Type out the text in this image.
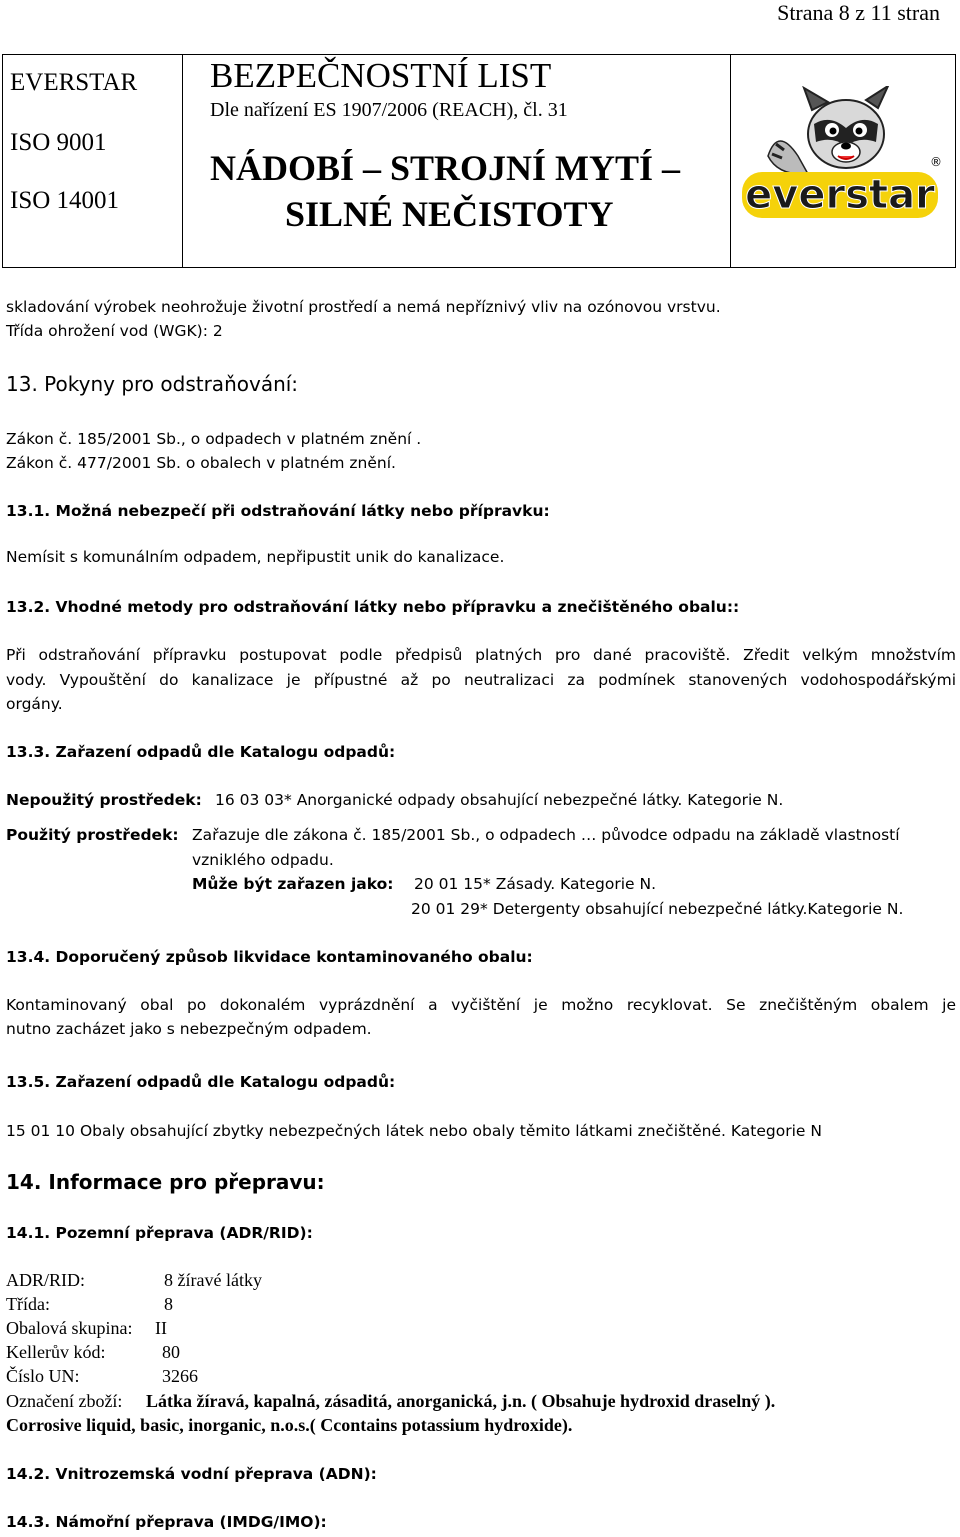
Strana 8 z 11 stran
EVERSTAR
ISO 9001
ISO 14001
BEZPEČNOSTNÍ LIST
Dle nařízení ES 1907/2006 (REACH), čl. 31
NÁDOBÍ – STROJNÍ MYTÍ –
SILNÉ NEČISTOTY	everstar
®
skladování výrobek neohrožuje životní prostředí a nemá nepříznivý vliv na ozónovou vrstvu.
Třída ohrožení vod (WGK): 2
13. Pokyny pro odstraňování:
Zákon č. 185/2001 Sb., o odpadech v platném znění .
Zákon č. 477/2001 Sb. o obalech v platném znění.
13.1. Možná nebezpečí při odstraňování látky nebo přípravku:
Nemísit s komunálním odpadem, nepřipustit unik do kanalizace.
13.2. Vhodné metody pro odstraňování látky nebo přípravku a znečištěného obalu::
Při odstraňování přípravku postupovat podle předpisů platných pro dané pracoviště. Zředit velkým množstvím
vody. Vypouštění do kanalizace je přípustné až po neutralizaci za podmínek stanovených vodohospodářskými
orgány.
13.3. Zařazení odpadů dle Katalogu odpadů:
Nepoužitý prostředek: 16 03 03* Anorganické odpady obsahující nebezpečné látky. Kategorie N.
Použitý prostředek: Zařazuje dle zákona č. 185/2001 Sb., o odpadech … původce odpadu na základě vlastností
vzniklého odpadu.
Může být zařazen jako: 20 01 15* Zásady. Kategorie N.
20 01 29* Detergenty obsahující nebezpečné látky.Kategorie N.
13.4. Doporučený způsob likvidace kontaminovaného obalu:
Kontaminovaný obal po dokonalém vyprázdnění a vyčištění je možno recyklovat. Se znečištěným obalem je
nutno zacházet jako s nebezpečným odpadem.
13.5. Zařazení odpadů dle Katalogu odpadů:
15 01 10 Obaly obsahující zbytky nebezpečných látek nebo obaly těmito látkami znečištěné. Kategorie N
14. Informace pro přepravu:
14.1. Pozemní přeprava (ADR/RID):
ADR/RID:	8 žíravé látky
Třída:	8
Obalová skupina: II
Kellerův kód:	80
Číslo UN:	3266
Označení zboží: Látka žíravá, kapalná, zásaditá, anorganická, j.n. ( Obsahuje hydroxid draselný ).
Corrosive liquid, basic, inorganic, n.o.s.( Ccontains potassium hydroxide).
14.2. Vnitrozemská vodní přeprava (ADN):
14.3. Námořní přeprava (IMDG/IMO):
